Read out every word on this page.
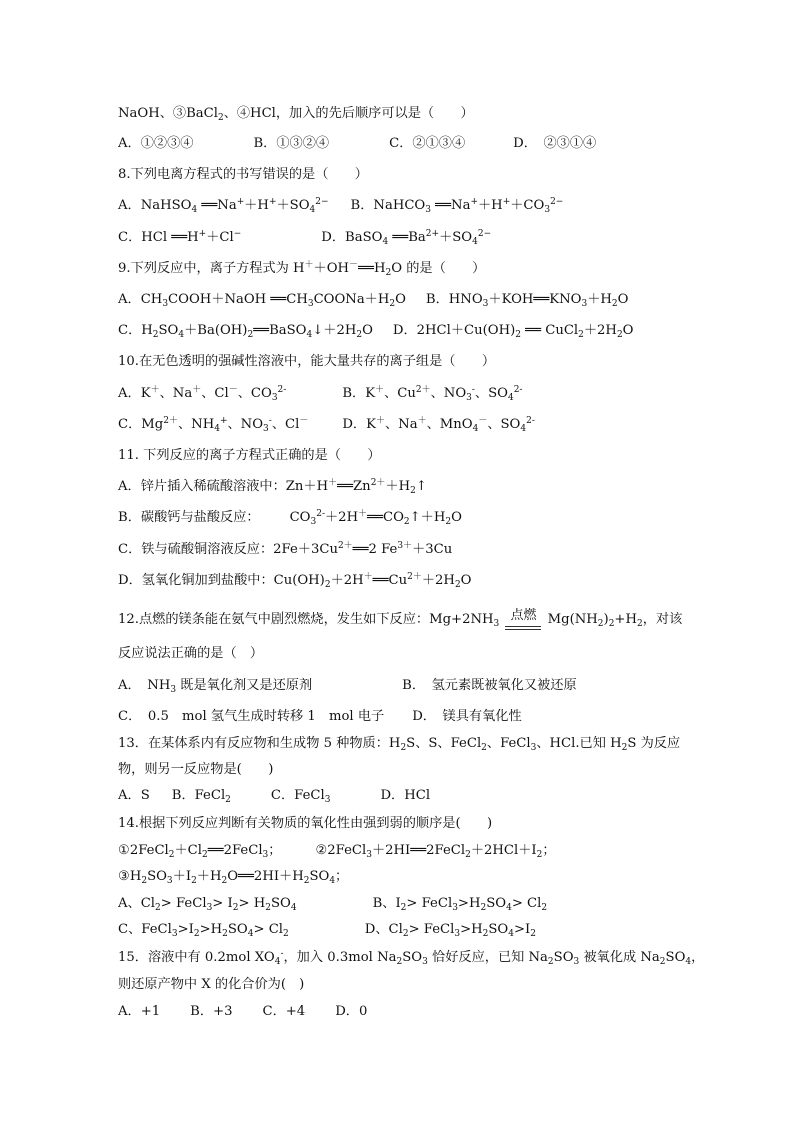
NaOH、③BaCl$_2$、④HCl，加入的先后顺序可以是（　　）
A．①②③④	B．①③②④	C．②①③④	D．　②③①④
8.下列电离方程式的书写错误的是（　　）
A．NaHSO$_4$ $══Na^++H^++SO_4^{2-}$ B．NaHCO$_3$ $══Na^++H^++CO_3^{2-}$
C．HCl ══H+＋Cl−	D．BaSO$_4$ $══Ba^{2+}+SO_4^{2-}$
9.下列反应中，离子方程式为 $H^++OH^-══H_2O$ 的是（　　）
A．$CH_3COOH+NaOH$ $══CH_3COONa+H_2O$ B．$HNO_3+KOH══KNO_3+H_2O$
C．$H_2SO_4+Ba(OH)_2══BaSO_4↓+2H_2O$ D．$2HCl+Cu(OH)_2$ ══ $CuCl_2+2H_2O$
10.在无色透明的强碱性溶液中，能大量共存的离子组是（　　）
A．K＋、Na＋、Cl－、$CO_3^{2-}$	B．K＋、$Cu^{2+}$、$NO_3^-$、$SO_4^{2-}$
C．$Mg^{2+}$、$NH_4^+$、$NO_3^-$、Cl－	D．K＋、Na＋、MnO$_4$－、$SO_4^{2-}$
11. 下列反应的离子方程式正确的是（　　）
A．锌片插入稀硫酸溶液中：$Zn+H^+══Zn^{2+}+H_2↑$
B．碳酸钙与盐酸反应： $CO_3^{2-}+2H^+══CO_2↑+H_2O$
C．铁与硫酸铜溶液反应：$2Fe+3Cu^{2+}══2$ $Fe^{3+}+3Cu$
D．氢氧化铜加到盐酸中：$Cu(OH)_2+2H^+══Cu^{2+}+2H_2O$
12.点燃的镁条能在氨气中剧烈燃烧，发生如下反应：$Mg+2NH_3$ 点燃 $Mg(NH_2)_2+H_2$，对该
反应说法正确的是（　）
A．　$NH_3$ 既是氧化剂又是还原剂	B．　氢元素既被氧化又被还原
C．　0.5　mol 氢气生成时转移 1　mol 电子 D．　镁具有氧化性
13．在某体系内有反应物和生成物 5 种物质：$H_2S$、S、FeCl$_2$、FeCl$_3$、HCl.已知 $H_2S$ 为反应
物，则另一反应物是(　　)
A．S B．FeCl$_2$	C．FeCl$_3$	D．HCl
14.根据下列反应判断有关物质的氧化性由强到弱的顺序是(　　)
$①2FeCl_2+Cl_2══2FeCl_3$；	$②2FeCl_3+2HI══2FeCl_2+2HCl+I_2$；
$③H_2SO_3+I_2+H_2O══2HI+H_2SO_4$；
A、$Cl_2>$ FeCl$_3$> $I_2> H_2SO_4$	B、$I_2>$ $FeCl_3>H_2SO_4> Cl_2$
C、$FeCl_3>I_2>H_2SO_4> Cl_2$	D、$Cl_2>$ $FeCl_3>H_2SO_4>I_2$
15．溶液中有 0.2mol $XO_4^-$，加入 0.3mol $Na_2SO_3$ 恰好反应，已知 $Na_2SO_3$ 被氧化成 $Na_2SO_4$，
则还原产物中 X 的化合价为(　)
A．+1 B．+3 C．+4 D．0
